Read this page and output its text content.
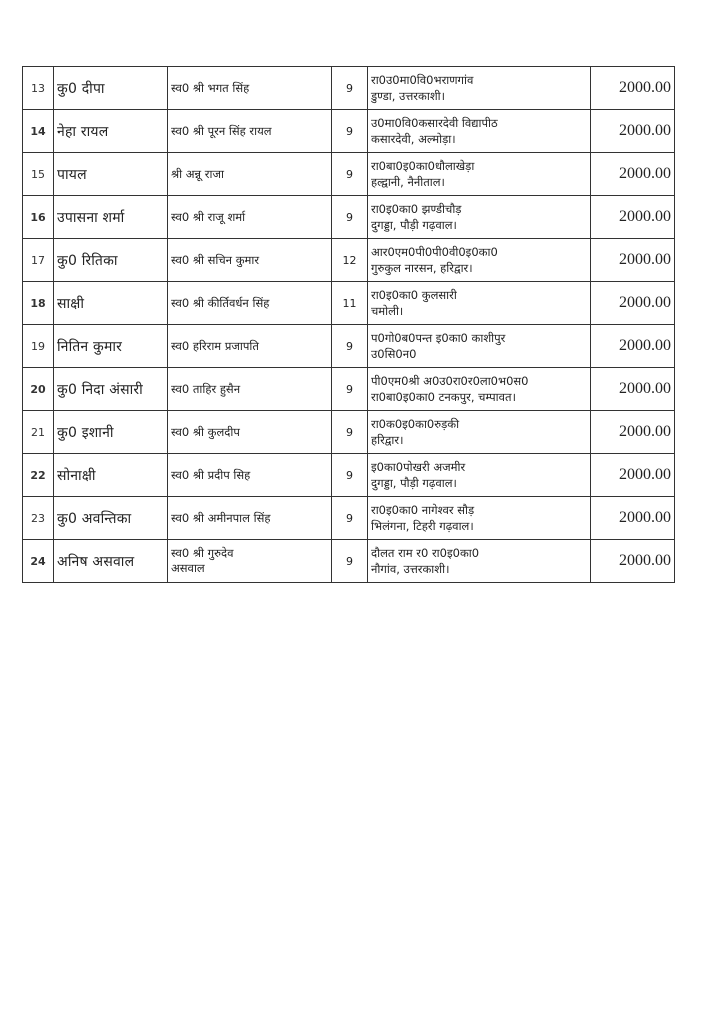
13	कु0 दीपा	स्व0 श्री भगत सिंह	9	रा0उ0मा0वि0भराणगांव
डुण्डा, उत्तरकाशी।	2000.00
14	नेहा रायल	स्व0 श्री पूरन सिंह रायल	9	उ0मा0वि0कसारदेवी विद्यापीठ
कसारदेवी, अल्मोड़ा।	2000.00
15	पायल	श्री अन्नू राजा	9	रा0बा0इ0का0धौलाखेड़ा
हल्द्वानी, नैनीताल।	2000.00
16	उपासना शर्मा	स्व0 श्री राजू शर्मा	9	रा0इ0का0 झण्डीचौड़
दुगड्डा, पौड़ी गढ़वाल।	2000.00
17	कु0 रितिका	स्व0 श्री सचिन कुमार	12	आर0एम0पी0पी0वी0इ0का0
गुरुकुल नारसन, हरिद्वार।	2000.00
18	साक्षी	स्व0 श्री कीर्तिवर्धन सिंह	11	रा0इ0का0 कुलसारी
चमोली।	2000.00
19	नितिन कुमार	स्व0 हरिराम प्रजापति	9	प0गो0ब0पन्त इ0का0 काशीपुर
उ0सि0न0	2000.00
20	कु0 निदा अंसारी	स्व0 ताहिर हुसैन	9	पी0एम0श्री अ0उ0रा0र0ला0भ0स0
रा0बा0इ0का0 टनकपुर, चम्पावत।	2000.00
21	कु0 इशानी	स्व0 श्री कुलदीप	9	रा0क0इ0का0रुड़की
हरिद्वार।	2000.00
22	सोनाक्षी	स्व0 श्री प्रदीप सिह	9	इ0का0पोखरी अजमीर
दुगड्डा, पौड़ी गढ़वाल।	2000.00
23	कु0 अवन्तिका	स्व0 श्री अमीनपाल सिंह	9	रा0इ0का0 नागेश्वर सौड़
भिलंगना, टिहरी गढ़वाल।	2000.00
24	अनिष असवाल	स्व0 श्री गुरुदेव
असवाल	9	दौलत राम र0 रा0इ0का0
नौगांव, उत्तरकाशी।	2000.00
